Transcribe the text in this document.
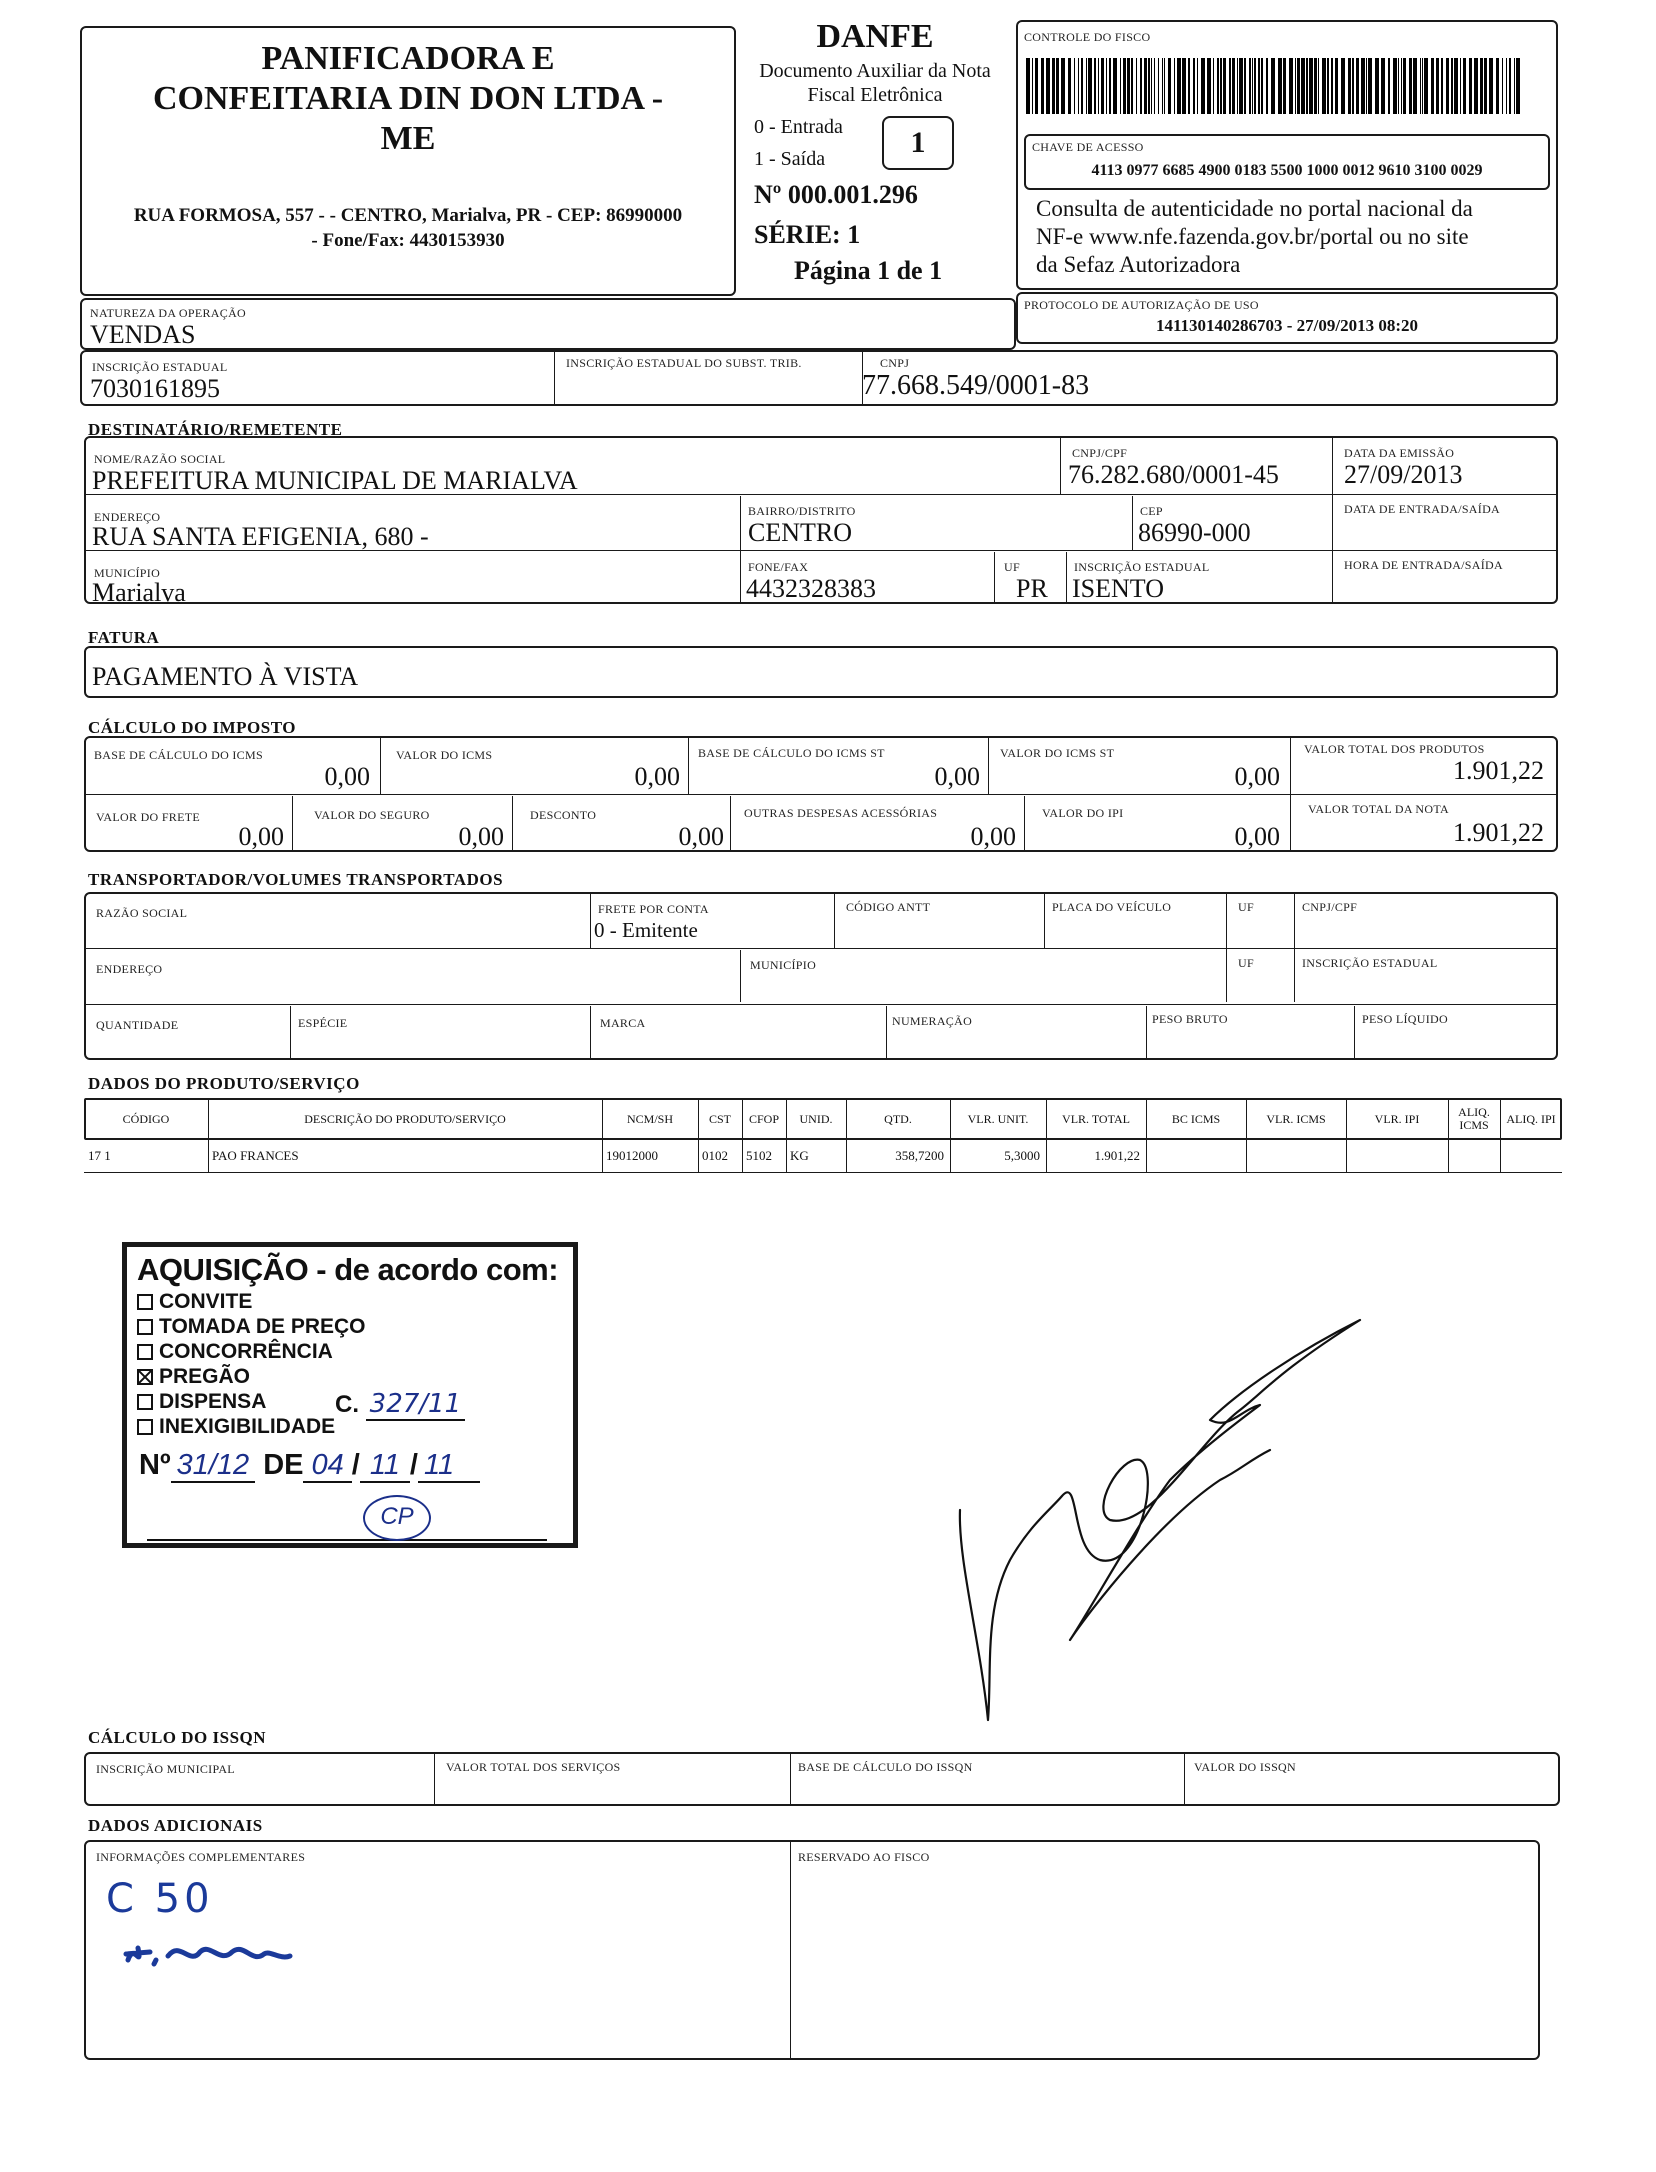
PANIFICADORA E
CONFEITARIA DIN DON LTDA -
ME
RUA FORMOSA, 557 - - CENTRO, Marialva, PR - CEP: 86990000
- Fone/Fax: 4430153930
DANFE
Documento Auxiliar da Nota
Fiscal Eletrônica
0 - Entrada
1 - Saída	1
Nº 000.001.296
SÉRIE: 1
Página 1 de 1
CONTROLE DO FISCO
CHAVE DE ACESSO
4113 0977 6685 4900 0183 5500 1000 0012 9610 3100 0029
Consulta de autenticidade no portal nacional da
NF-e www.nfe.fazenda.gov.br/portal ou no site
da Sefaz Autorizadora
NATUREZA DA OPERAÇÃO
VENDAS
PROTOCOLO DE AUTORIZAÇÃO DE USO
141130140286703 - 27/09/2013 08:20
INSCRIÇÃO ESTADUAL
7030161895
INSCRIÇÃO ESTADUAL DO SUBST. TRIB.	CNPJ
77.668.549/0001-83
DESTINATÁRIO/REMETENTE
NOME/RAZÃO SOCIAL
PREFEITURA MUNICIPAL DE MARIALVA
CNPJ/CPF
76.282.680/0001-45
DATA DA EMISSÃO
27/09/2013
ENDEREÇO
RUA SANTA EFIGENIA, 680 -
BAIRRO/DISTRITO
CENTRO
CEP
86990-000
DATA DE ENTRADA/SAÍDA
MUNICÍPIO
Marialva
FONE/FAX
4432328383
UF
PR
INSCRIÇÃO ESTADUAL
ISENTO
HORA DE ENTRADA/SAÍDA
FATURA
PAGAMENTO À VISTA
CÁLCULO DO IMPOSTO
BASE DE CÁLCULO DO ICMS
0,00
VALOR DO ICMS
0,00
BASE DE CÁLCULO DO ICMS ST
0,00
VALOR DO ICMS ST
0,00
VALOR TOTAL DOS PRODUTOS
1.901,22
VALOR DO FRETE
0,00
VALOR DO SEGURO
0,00
DESCONTO
0,00
OUTRAS DESPESAS ACESSÓRIAS
0,00
VALOR DO IPI
0,00
VALOR TOTAL DA NOTA
1.901,22
TRANSPORTADOR/VOLUMES TRANSPORTADOS
RAZÃO SOCIAL	FRETE POR CONTA
0 - Emitente
CÓDIGO ANTT	PLACA DO VEÍCULO	UF	CNPJ/CPF
ENDEREÇO	MUNICÍPIO	UF	INSCRIÇÃO ESTADUAL
QUANTIDADE	ESPÉCIE	MARCA	NUMERAÇÃO	PESO BRUTO	PESO LÍQUIDO
DADOS DO PRODUTO/SERVIÇO
CÓDIGO	DESCRIÇÃO DO PRODUTO/SERVIÇO	NCM/SH	CST	CFOP	UNID.	QTD.	VLR. UNIT.	VLR. TOTAL	BC ICMS	VLR. ICMS	VLR. IPI	ALIQ. ICMS	ALIQ. IPI
17 1	PAO FRANCES	19012000	0102	5102	KG	358,7200	5,3000	1.901,22
AQUISIÇÃO - de acordo com:
CONVITE
TOMADA DE PREÇO
CONCORRÊNCIA
PREGÃO
DISPENSA
INEXIGIBILIDADE
C. 327/11
Nº 31/12 DE 04 / 11 / 11
CP
CÁLCULO DO ISSQN
INSCRIÇÃO MUNICIPAL	VALOR TOTAL DOS SERVIÇOS	BASE DE CÁLCULO DO ISSQN	VALOR DO ISSQN
DADOS ADICIONAIS
INFORMAÇÕES COMPLEMENTARES	RESERVADO AO FISCO
C 50
